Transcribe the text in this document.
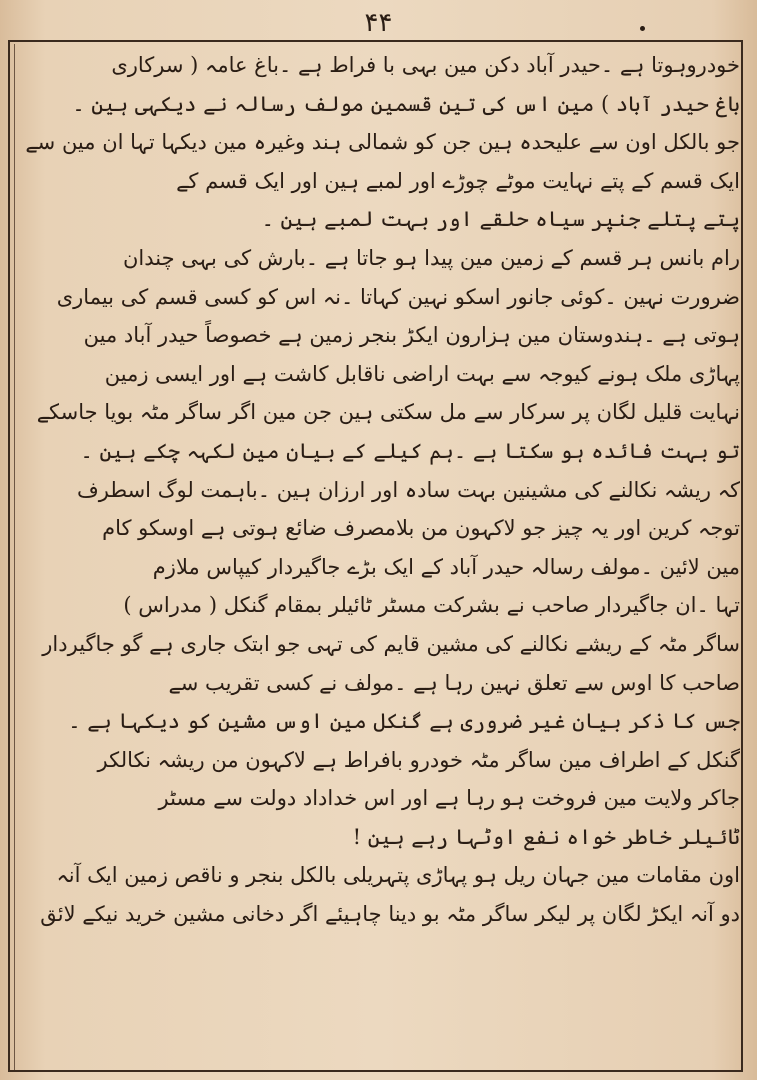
۴۴
خودروہوتا ہے ۔حیدر آباد دکن مین بہی با فراط ہے ۔باغ عامہ ( سرکاری
باغ حیدر آباد ) مین اس کی تین قسمین مولف رسالہ نے دیکہی ہین ۔
جو بالکل اون سے علیحدہ ہین جن کو شمالی ہند وغیرہ مین دیکہا تہا ان مین سے
ایک قسم کے پتے نہایت موٹے چوڑے اور لمبے ہین اور ایک قسم کے
پتے پتلے جنپر سیاہ حلقے اور بہت لمبے ہین ۔
رام بانس ہر قسم کے زمین مین پیدا ہو جاتا ہے ۔بارش کی بہی چندان
ضرورت نہین ۔کوئی جانور اسکو نہین کہاتا ۔نہ اس کو کسی قسم کی بیماری
ہوتی ہے ۔ہندوستان مین ہزارون ایکڑ بنجر زمین ہے خصوصاً حیدر آباد مین
پہاڑی ملک ہونے کیوجہ سے بہت اراضی ناقابل کاشت ہے اور ایسی زمین
نہایت قلیل لگان پر سرکار سے مل سکتی ہین جن مین اگر ساگر مٹہ بویا جاسکے
تو بہت فائدہ ہو سکتا ہے ۔ہم کیلے کے بیان مین لکہہ چکے ہین ۔
کہ ریشہ نکالنے کی مشینین بہت سادہ اور ارزان ہین ۔باہمت لوگ اسطرف
توجہ کرین اور یہ چیز جو لاکہون من بلامصرف ضائع ہوتی ہے اوسکو کام
مین لائین ۔مولف رسالہ حیدر آباد کے ایک بڑے جاگیردار کیپاس ملازم
تہا ۔ان جاگیردار صاحب نے بشرکت مسٹر ٹائیلر بمقام گنکل ( مدراس )
ساگر مٹہ کے ریشے نکالنے کی مشین قایم کی تہی جو ابتک جاری ہے گو جاگیردار
صاحب کا اوس سے تعلق نہین رہا ہے ۔مولف نے کسی تقریب سے
جس کا ذکر بیان غیر ضروری ہے گنکل مین اوس مشین کو دیکہا ہے ۔
گنکل کے اطراف مین ساگر مٹہ خودرو بافراط ہے لاکہون من ریشہ نکالکر
جاکر ولایت مین فروخت ہو رہا ہے اور اس خداداد دولت سے مسٹر
ٹائیلر خاطر خواہ نفع اوٹہا رہے ہین !
اون مقامات مین جہان ریل ہو پہاڑی پتہریلی بالکل بنجر و ناقص زمین ایک آنہ
دو آنہ ایکڑ لگان پر لیکر ساگر مٹہ بو دینا چاہیئے اگر دخانی مشین خرید نیکے لائق
